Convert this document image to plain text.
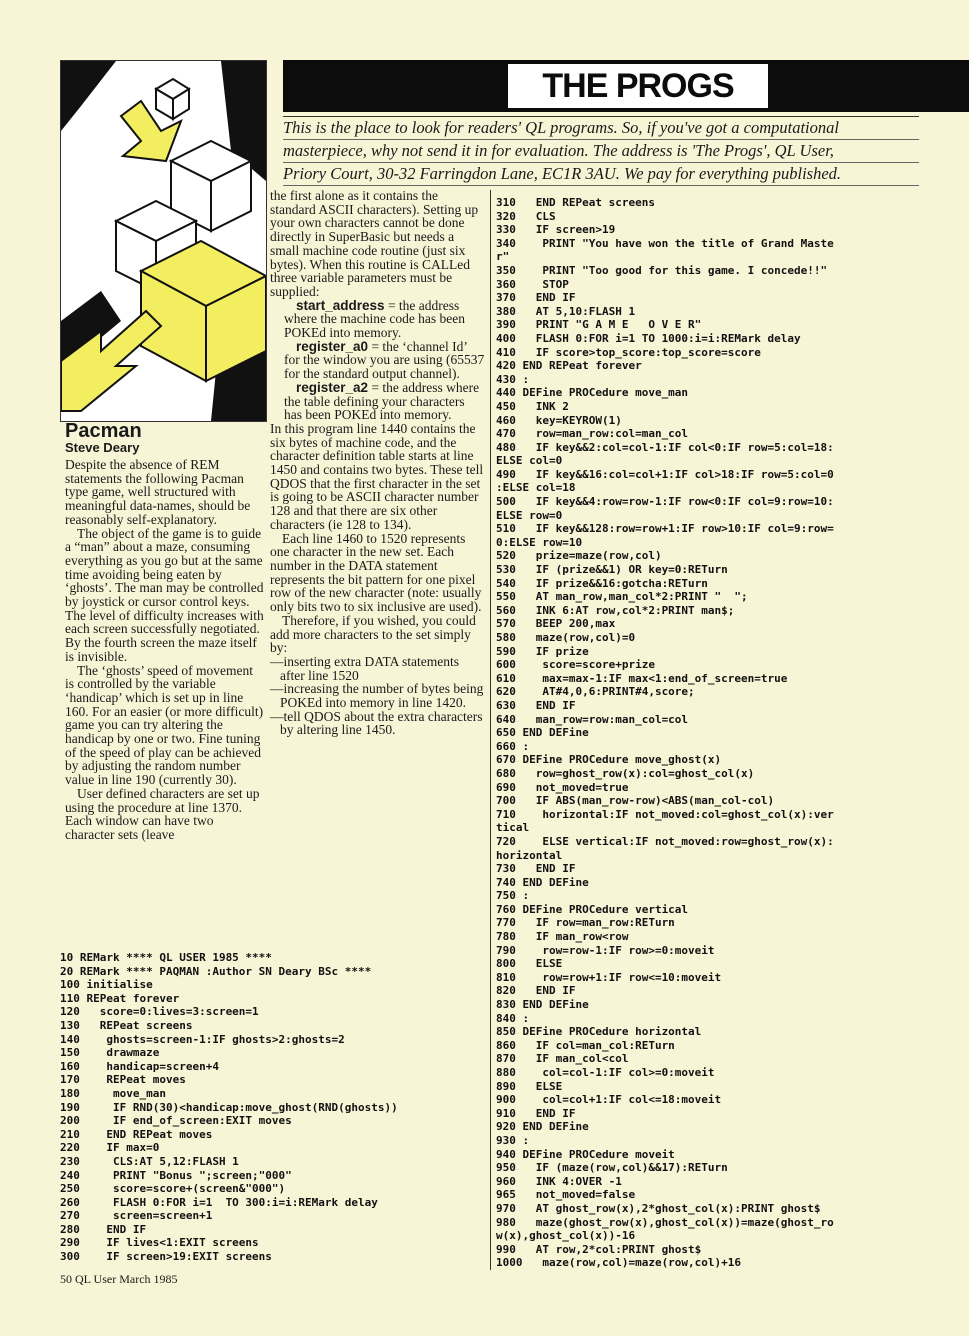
THE PROGS
This is the place to look for readers' QL programs. So, if you've got a computational
masterpiece, why not send it in for evaluation. The address is 'The Progs', QL User,
Priory Court, 30-32 Farringdon Lane, EC1R 3AU. We pay for everything published.
Pacman
Steve Deary

Despite the absence of REM statements the following Pacman type game, well structured with meaningful data-names, should be reasonably self-explanatory.

The object of the game is to guide a “man” about a maze, consuming everything as you go but at the same time avoiding being eaten by ‘ghosts’. The man may be controlled by joystick or cursor control keys. The level of difficulty increases with each screen successfully negotiated. By the fourth screen the maze itself is invisible.

The ‘ghosts’ speed of movement is controlled by the variable ‘handicap’ which is set up in line 160. For an easier (or more difficult) game you can try altering the handicap by one or two. Fine tuning of the speed of play can be achieved by adjusting the random number value in line 190 (currently 30).

User defined characters are set up using the procedure at line 1370. Each window can have two character sets (leave

the first alone as it contains the standard ASCII characters). Setting up your own characters cannot be done directly in SuperBasic but needs a small machine code routine (just six bytes). When this routine is CALLed three variable parameters must be supplied:

start_address = the address where the machine code has been POKEd into memory.

register_a0 = the ‘channel Id’ for the window you are using (65537 for the standard output channel).

register_a2 = the address where the table defining your characters has been POKEd into memory.

In this program line 1440 contains the six bytes of machine code, and the character definition table starts at line 1450 and contains two bytes. These tell QDOS that the first character in the set is going to be ASCII character number 128 and that there are six other characters (ie 128 to 134).

Each line 1460 to 1520 represents one character in the new set. Each number in the DATA statement represents the bit pattern for one pixel row of the new character (note: usually only bits two to six inclusive are used).

Therefore, if you wished, you could add more characters to the set simply by:

—inserting extra DATA statements after line 1520

—increasing the number of bytes being POKEd into memory in line 1420.

—tell QDOS about the extra characters by altering line 1450.

10 REMark **** QL USER 1985 ****
20 REMark **** PAQMAN :Author SN Deary BSc ****
100 initialise
110 REPeat forever
120   score=0:lives=3:screen=1
130   REPeat screens
140    ghosts=screen-1:IF ghosts>2:ghosts=2
150    drawmaze
160    handicap=screen+4
170    REPeat moves
180     move_man
190     IF RND(30)<handicap:move_ghost(RND(ghosts))
200     IF end_of_screen:EXIT moves
210    END REPeat moves
220    IF max=0
230     CLS:AT 5,12:FLASH 1
240     PRINT "Bonus ";screen;"000"
250     score=score+(screen&"000")
260     FLASH 0:FOR i=1  TO 300:i=i:REMark delay
270     screen=screen+1
280    END IF
290    IF lives<1:EXIT screens
300    IF screen>19:EXIT screens
310   END REPeat screens
320   CLS
330   IF screen>19
340    PRINT "You have won the title of Grand Maste
r"
350    PRINT "Too good for this game. I concede!!"
360    STOP
370   END IF
380   AT 5,10:FLASH 1
390   PRINT "G A M E   O V E R"
400   FLASH 0:FOR i=1 TO 1000:i=i:REMark delay
410   IF score>top_score:top_score=score
420 END REPeat forever
430 :
440 DEFine PROCedure move_man
450   INK 2
460   key=KEYROW(1)
470   row=man_row:col=man_col
480   IF key&&2:col=col-1:IF col<0:IF row=5:col=18:
ELSE col=0
490   IF key&&16:col=col+1:IF col>18:IF row=5:col=0
:ELSE col=18
500   IF key&&4:row=row-1:IF row<0:IF col=9:row=10:
ELSE row=0
510   IF key&&128:row=row+1:IF row>10:IF col=9:row=
0:ELSE row=10
520   prize=maze(row,col)
530   IF (prize&&1) OR key=0:RETurn
540   IF prize&&16:gotcha:RETurn
550   AT man_row,man_col*2:PRINT "  ";
560   INK 6:AT row,col*2:PRINT man$;
570   BEEP 200,max
580   maze(row,col)=0
590   IF prize
600    score=score+prize
610    max=max-1:IF max<1:end_of_screen=true
620    AT#4,0,6:PRINT#4,score;
630   END IF
640   man_row=row:man_col=col
650 END DEFine
660 :
670 DEFine PROCedure move_ghost(x)
680   row=ghost_row(x):col=ghost_col(x)
690   not_moved=true
700   IF ABS(man_row-row)<ABS(man_col-col)
710    horizontal:IF not_moved:col=ghost_col(x):ver
tical
720    ELSE vertical:IF not_moved:row=ghost_row(x):
horizontal
730   END IF
740 END DEFine
750 :
760 DEFine PROCedure vertical
770   IF row=man_row:RETurn
780   IF man_row<row
790    row=row-1:IF row>=0:moveit
800   ELSE
810    row=row+1:IF row<=10:moveit
820   END IF
830 END DEFine
840 :
850 DEFine PROCedure horizontal
860   IF col=man_col:RETurn
870   IF man_col<col
880    col=col-1:IF col>=0:moveit
890   ELSE
900    col=col+1:IF col<=18:moveit
910   END IF
920 END DEFine
930 :
940 DEFine PROCedure moveit
950   IF (maze(row,col)&&17):RETurn
960   INK 4:OVER -1
965   not_moved=false
970   AT ghost_row(x),2*ghost_col(x):PRINT ghost$
980   maze(ghost_row(x),ghost_col(x))=maze(ghost_ro
w(x),ghost_col(x))-16
990   AT row,2*col:PRINT ghost$
1000   maze(row,col)=maze(row,col)+16
50 QL User March 1985
